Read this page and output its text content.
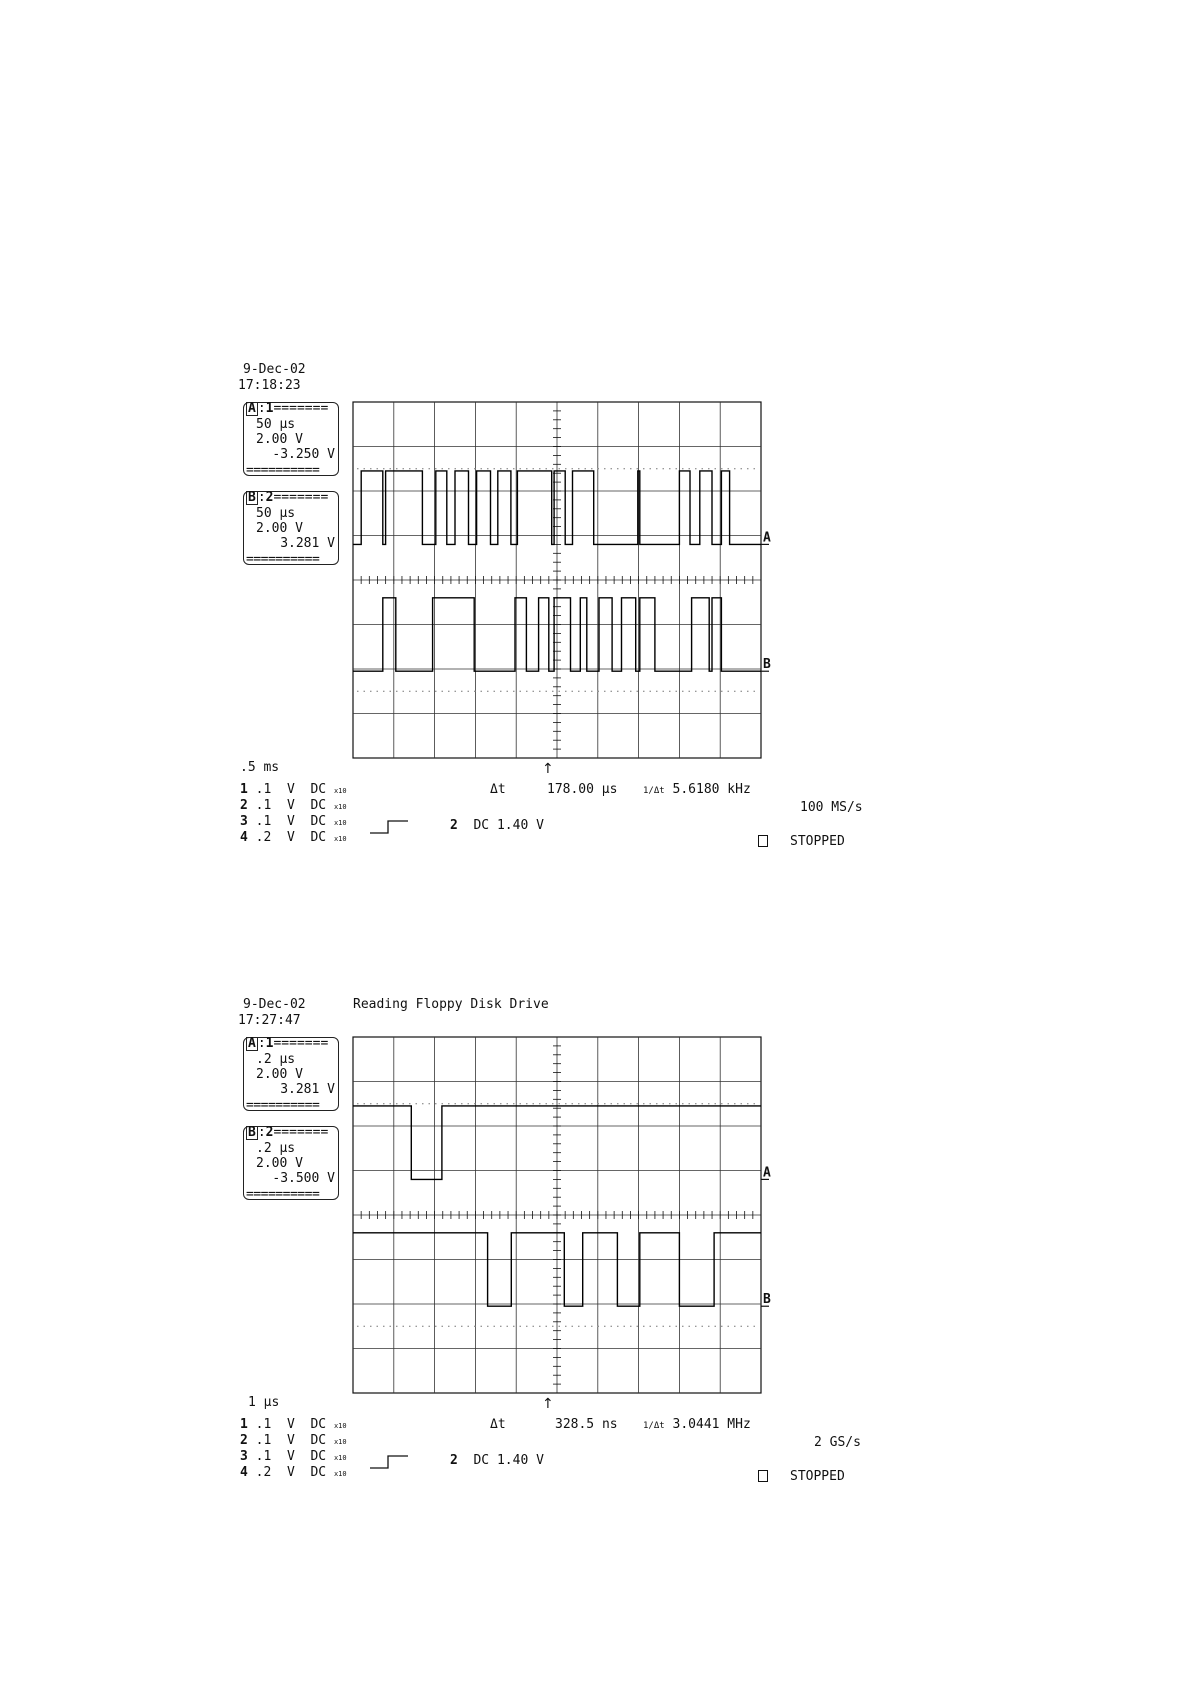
9-Dec-02
17:18:23
A :1=======
50 µs
2.00 V
-3.250 V
==========
B :2=======
50 µs
2.00 V
3.281 V
==========
A
B
↑
.5 ms
1 .1 V DC x10
2 .1 V DC x10
3 .1 V DC x10
4 .2 V DC x10
Δt	178.00 µs	1/Δt 5.6180 kHz
100 MS/s
2 DC 1.40 V
STOPPED
9-Dec-02
17:27:47
Reading Floppy Disk Drive
A :1=======
.2 µs
2.00 V
3.281 V
==========
B :2=======
.2 µs
2.00 V
-3.500 V
==========
A
B
↑
1 µs
1 .1 V DC x10
2 .1 V DC x10
3 .1 V DC x10
4 .2 V DC x10
Δt	328.5 ns	1/Δt 3.0441 MHz
2 GS/s
2 DC 1.40 V
STOPPED
